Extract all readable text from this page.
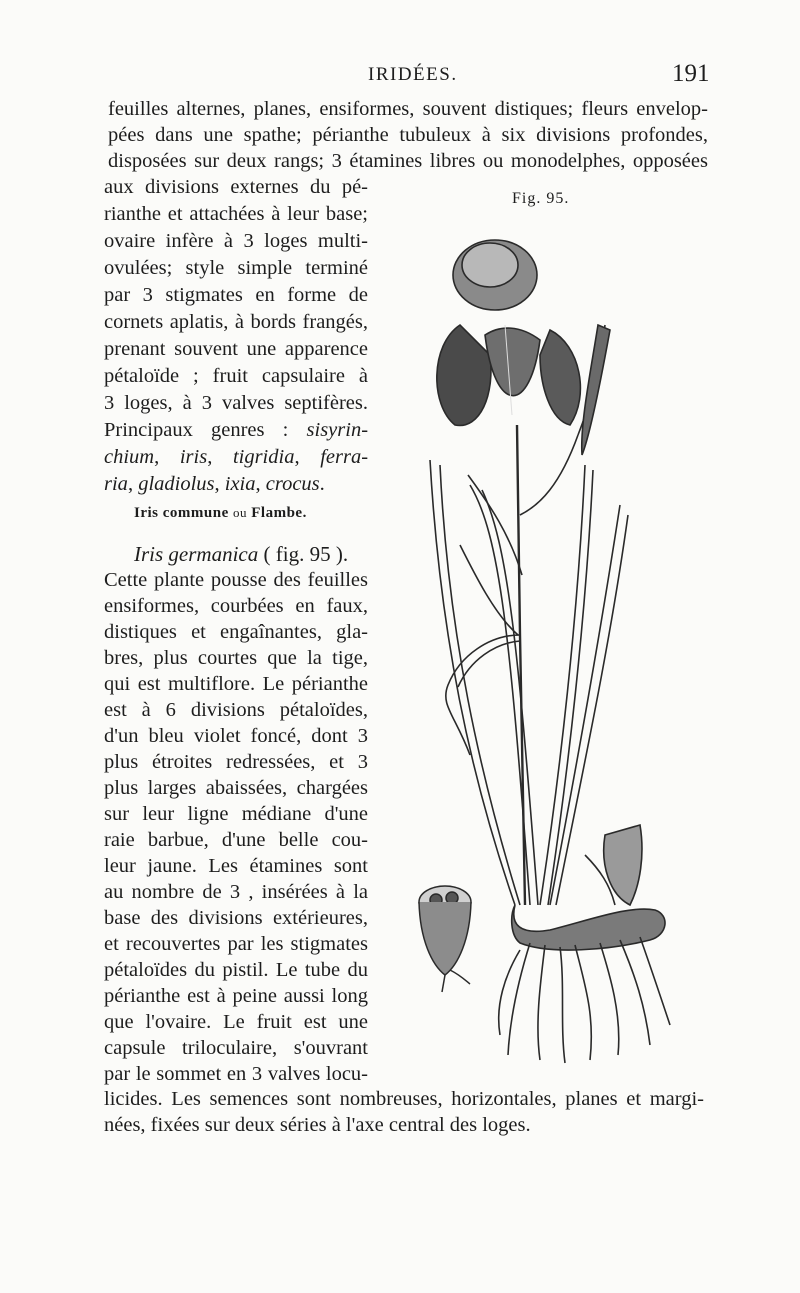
IRIDÉES.	191
feuilles alternes, planes, ensiformes, souvent distiques; fleurs envelop-
pées dans une spathe; périanthe tubuleux à six divisions profondes,
disposées sur deux rangs; 3 étamines libres ou monodelphes, opposées
aux divisions externes du pé-
rianthe et attachées à leur base;
ovaire infère à 3 loges multi-
ovulées; style simple terminé
par 3 stigmates en forme de
cornets aplatis, à bords frangés,
prenant souvent une apparence
pétaloïde ; fruit capsulaire à
3 loges, à 3 valves septifères.
Principaux genres : sisyrin-
chium, iris, tigridia, ferra-
ria, gladiolus, ixia, crocus.
Iris commune ou Flambe.
Iris germanica ( fig. 95 ).
Cette plante pousse des feuilles
ensiformes, courbées en faux,
distiques et engaînantes, gla-
bres, plus courtes que la tige,
qui est multiflore. Le périanthe
est à 6 divisions pétaloïdes,
d'un bleu violet foncé, dont 3
plus étroites redressées, et 3
plus larges abaissées, chargées
sur leur ligne médiane d'une
raie barbue, d'une belle cou-
leur jaune. Les étamines sont
au nombre de 3 , insérées à la
base des divisions extérieures,
et recouvertes par les stigmates
pétaloïdes du pistil. Le tube du
périanthe est à peine aussi long
que l'ovaire. Le fruit est une
capsule triloculaire, s'ouvrant
par le sommet en 3 valves locu-
licides. Les semences sont nombreuses, horizontales, planes et margi-
nées, fixées sur deux séries à l'axe central des loges.
Fig. 95.
